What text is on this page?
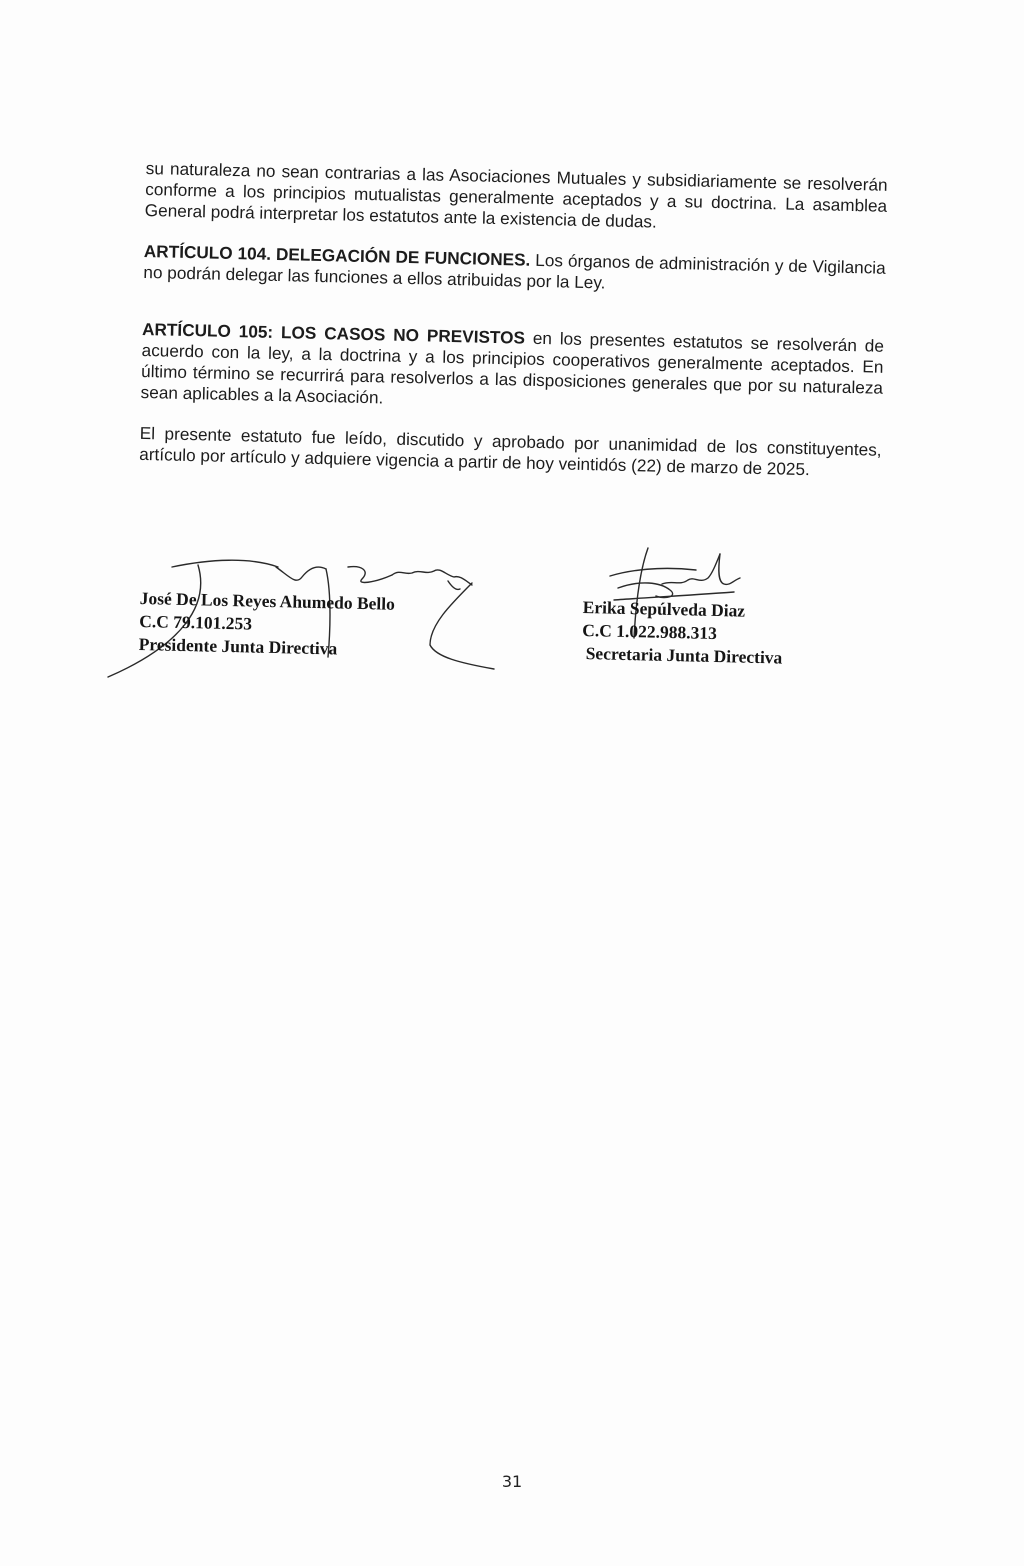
su naturaleza no sean contrarias a las Asociaciones Mutuales y subsidiariamente se resolverán conforme a los principios mutualistas generalmente aceptados y a su doctrina. La asamblea General podrá interpretar los estatutos ante la existencia de dudas.

ARTÍCULO 104. DELEGACIÓN DE FUNCIONES. Los órganos de administración y de Vigilancia no podrán delegar las funciones a ellos atribuidas por la Ley.

ARTÍCULO 105: LOS CASOS NO PREVISTOS en los presentes estatutos se resolverán de acuerdo con la ley, a la doctrina y a los principios cooperativos generalmente aceptados. En último término se recurrirá para resolverlos a las disposiciones generales que por su naturaleza sean aplicables a la Asociación.

El presente estatuto fue leído, discutido y aprobado por unanimidad de los constituyentes, artículo por artículo y adquiere vigencia a partir de hoy veintidós (22) de marzo de 2025.

José De Los Reyes Ahumedo Bello
C.C 79.101.253
Presidente Junta Directiva
Erika Sepúlveda Diaz
C.C 1.022.988.313
Secretaria Junta Directiva
31
